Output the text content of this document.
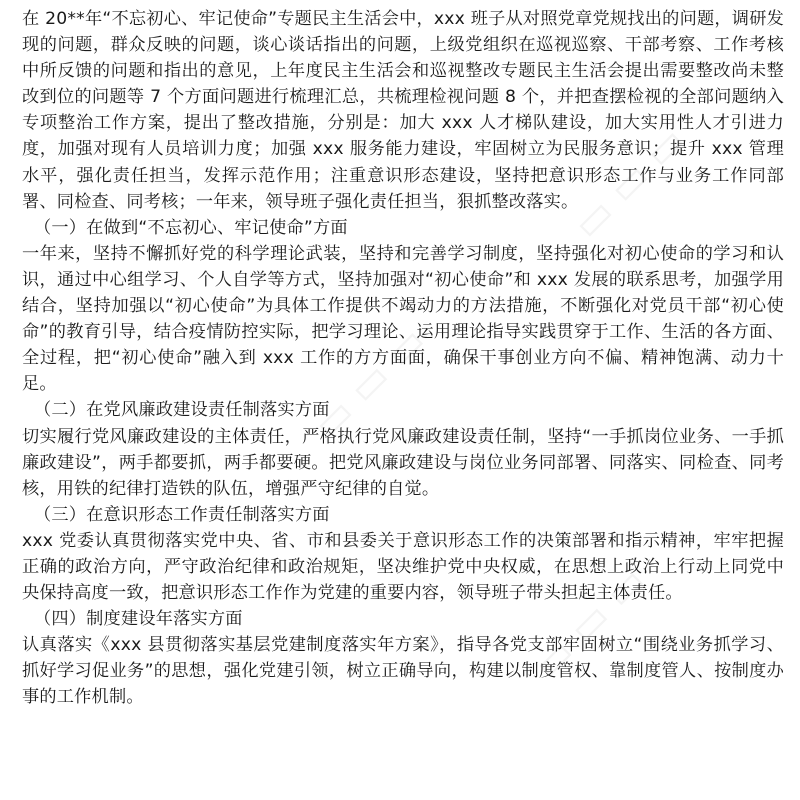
▭ ▭ ▭
▭ ▭ ▭
▭ ▭ ▭

在 20**年“不忘初心、牢记使命”专题民主生活会中，xxx 班子从对照党章党规找出的问题，调研发现的问题，群众反映的问题，谈心谈话指出的问题，上级党组织在巡视巡察、干部考察、工作考核中所反馈的问题和指出的意见，上年度民主生活会和巡视整改专题民主生活会提出需要整改尚未整改到位的问题等 7 个方面问题进行梳理汇总，共梳理检视问题 8 个，并把查摆检视的全部问题纳入专项整治工作方案，提出了整改措施，分别是：加大 xxx 人才梯队建设，加大实用性人才引进力度，加强对现有人员培训力度；加强 xxx 服务能力建设，牢固树立为民服务意识；提升 xxx 管理水平，强化责任担当，发挥示范作用；注重意识形态建设，坚持把意识形态工作与业务工作同部署、同检查、同考核；一年来，领导班子强化责任担当，狠抓整改落实。

（一）在做到“不忘初心、牢记使命”方面

一年来，坚持不懈抓好党的科学理论武装，坚持和完善学习制度，坚持强化对初心使命的学习和认识，通过中心组学习、个人自学等方式，坚持加强对“初心使命”和 xxx 发展的联系思考，加强学用结合，坚持加强以“初心使命”为具体工作提供不竭动力的方法措施，不断强化对党员干部“初心使命”的教育引导，结合疫情防控实际，把学习理论、运用理论指导实践贯穿于工作、生活的各方面、全过程，把“初心使命”融入到 xxx 工作的方方面面，确保干事创业方向不偏、精神饱满、动力十足。

（二）在党风廉政建设责任制落实方面

切实履行党风廉政建设的主体责任，严格执行党风廉政建设责任制，坚持“一手抓岗位业务、一手抓廉政建设”，两手都要抓，两手都要硬。把党风廉政建设与岗位业务同部署、同落实、同检查、同考核，用铁的纪律打造铁的队伍，增强严守纪律的自觉。

（三）在意识形态工作责任制落实方面

xxx 党委认真贯彻落实党中央、省、市和县委关于意识形态工作的决策部署和指示精神，牢牢把握正确的政治方向，严守政治纪律和政治规矩，坚决维护党中央权威，在思想上政治上行动上同党中央保持高度一致，把意识形态工作作为党建的重要内容，领导班子带头担起主体责任。

（四）制度建设年落实方面

认真落实《xxx 县贯彻落实基层党建制度落实年方案》，指导各党支部牢固树立“围绕业务抓学习、抓好学习促业务”的思想，强化党建引领，树立正确导向，构建以制度管权、靠制度管人、按制度办事的工作机制。
